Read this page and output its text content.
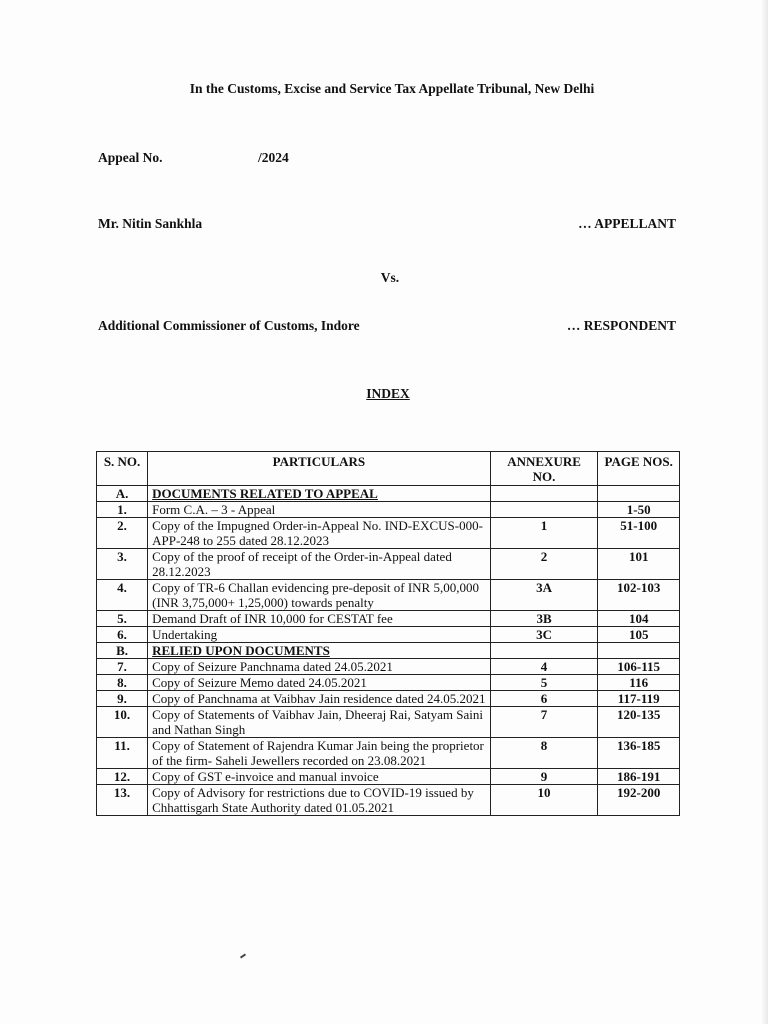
In the Customs, Excise and Service Tax Appellate Tribunal, New Delhi
Appeal No.	/2024
Mr. Nitin Sankhla	… APPELLANT
Vs.
Additional Commissioner of Customs, Indore	… RESPONDENT
INDEX
S. NO.	PARTICULARS	ANNEXURE NO.	PAGE NOS.
A.	DOCUMENTS RELATED TO APPEAL		
1.	Form C.A. – 3 - Appeal		1-50
2.	Copy of the Impugned Order-in-Appeal No. IND-EXCUS-000-APP-248 to 255 dated 28.12.2023	1	51-100
3.	Copy of the proof of receipt of the Order-in-Appeal dated 28.12.2023	2	101
4.	Copy of TR-6 Challan evidencing pre-deposit of INR 5,00,000 (INR 3,75,000+ 1,25,000) towards penalty	3A	102-103
5.	Demand Draft of INR 10,000 for CESTAT fee	3B	104
6.	Undertaking	3C	105
B.	RELIED UPON DOCUMENTS		
7.	Copy of Seizure Panchnama dated 24.05.2021	4	106-115
8.	Copy of Seizure Memo dated 24.05.2021	5	116
9.	Copy of Panchnama at Vaibhav Jain residence dated 24.05.2021	6	117-119
10.	Copy of Statements of Vaibhav Jain, Dheeraj Rai, Satyam Saini and Nathan Singh	7	120-135
11.	Copy of Statement of Rajendra Kumar Jain being the proprietor of the firm- Saheli Jewellers recorded on 23.08.2021	8	136-185
12.	Copy of GST e-invoice and manual invoice	9	186-191
13.	Copy of Advisory for restrictions due to COVID-19 issued by Chhattisgarh State Authority dated 01.05.2021	10	192-200
